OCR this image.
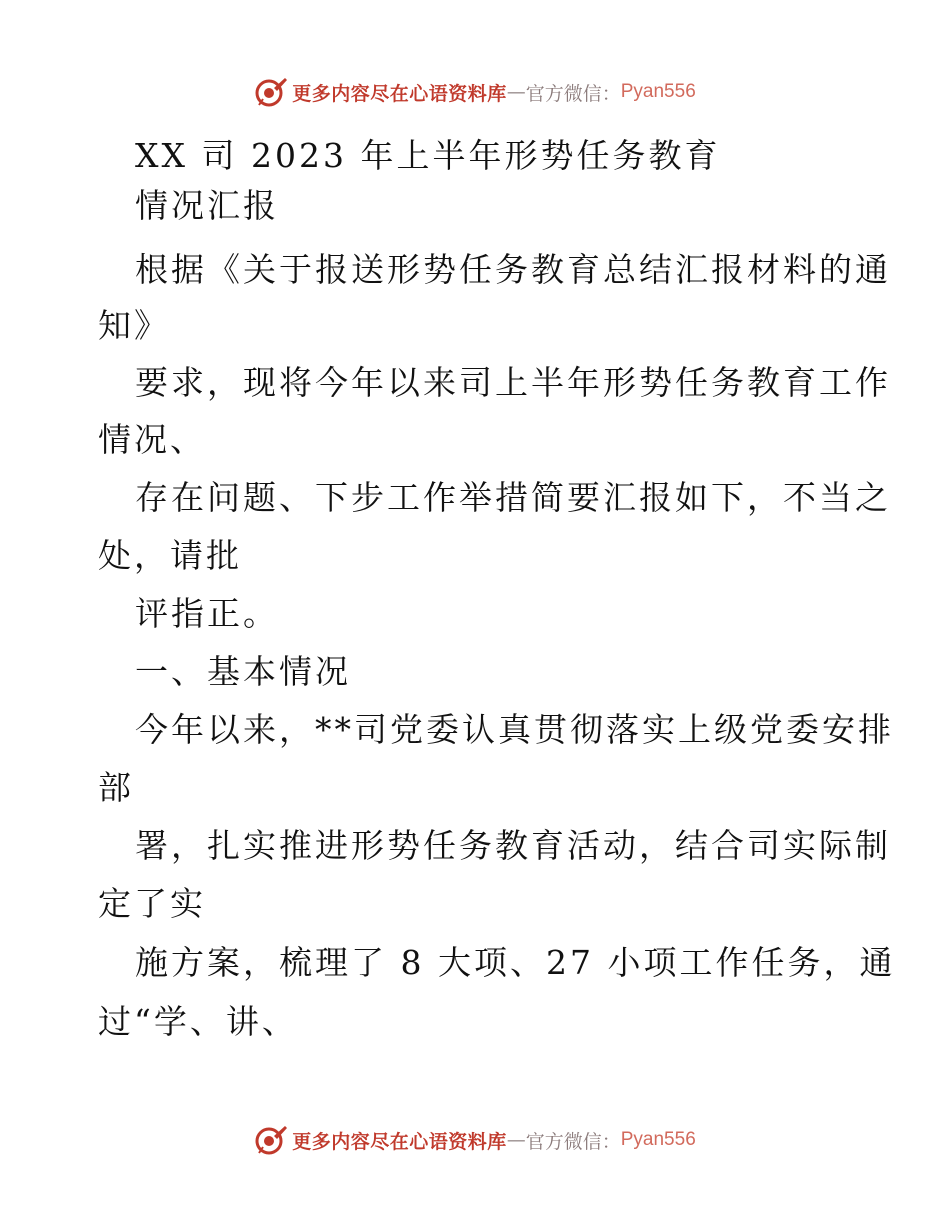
更多内容尽在心语资料库 — 官方微信： Pyan556
XX 司 2023 年上半年形势任务教育
情况汇报
根据《关于报送形势任务教育总结汇报材料的通
知》
要求，现将今年以来司上半年形势任务教育工作
情况、
存在问题、下步工作举措简要汇报如下，不当之
处，请批
评指正。
一、基本情况
今年以来，**司党委认真贯彻落实上级党委安排
部
署，扎实推进形势任务教育活动，结合司实际制
定了实
施方案，梳理了 8 大项、27 小项工作任务，通
过“学、讲、
更多内容尽在心语资料库 — 官方微信： Pyan556
